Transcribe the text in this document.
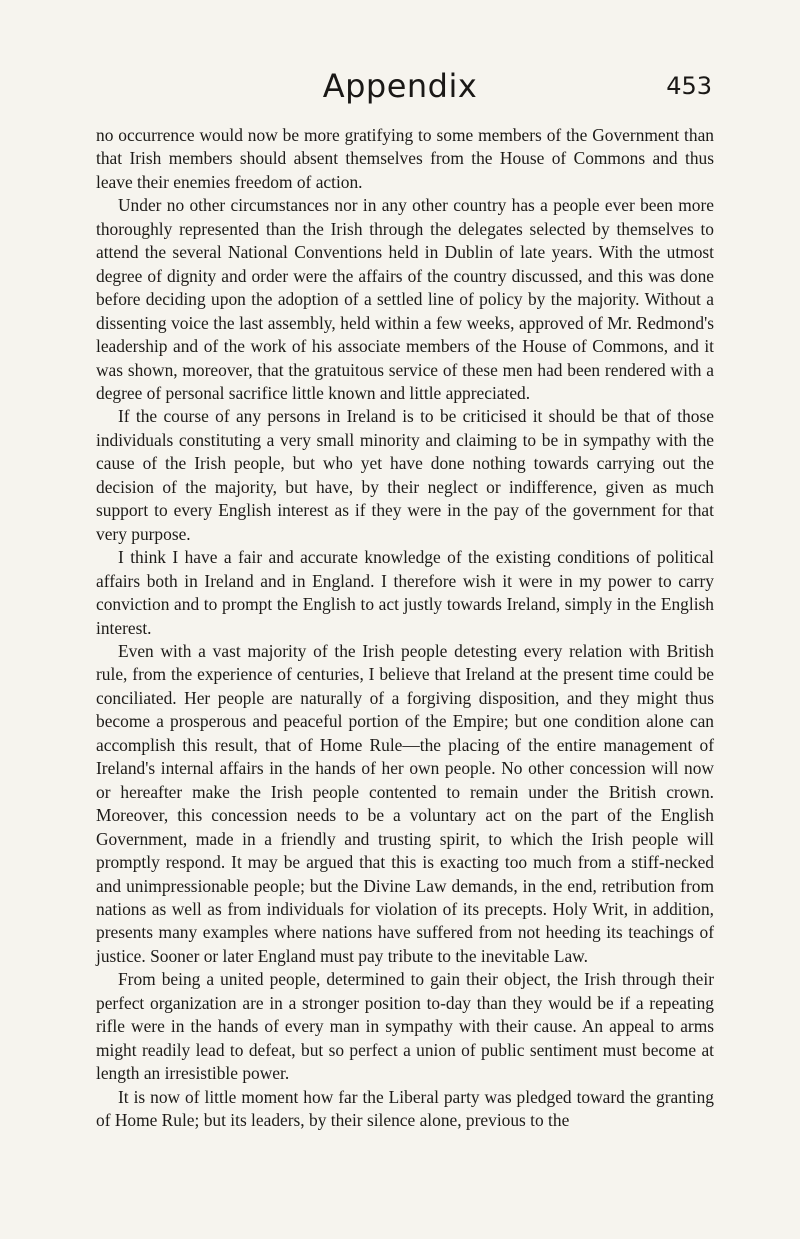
Appendix	453

no occurrence would now be more gratifying to some members of the Government than that Irish members should absent themselves from the House of Commons and thus leave their enemies freedom of action.

Under no other circumstances nor in any other country has a people ever been more thoroughly represented than the Irish through the delegates selected by themselves to attend the several National Conventions held in Dublin of late years. With the utmost degree of dignity and order were the affairs of the country discussed, and this was done before deciding upon the adoption of a settled line of policy by the majority. Without a dissenting voice the last assembly, held within a few weeks, approved of Mr. Redmond's leadership and of the work of his associate members of the House of Commons, and it was shown, moreover, that the gratuitous service of these men had been rendered with a degree of personal sacrifice little known and little appreciated.

If the course of any persons in Ireland is to be criticised it should be that of those individuals constituting a very small minority and claiming to be in sympathy with the cause of the Irish people, but who yet have done nothing towards carrying out the decision of the majority, but have, by their neglect or indifference, given as much support to every English interest as if they were in the pay of the government for that very purpose.

I think I have a fair and accurate knowledge of the existing conditions of political affairs both in Ireland and in England. I therefore wish it were in my power to carry conviction and to prompt the English to act justly towards Ireland, simply in the English interest.

Even with a vast majority of the Irish people detesting every relation with British rule, from the experience of centuries, I believe that Ireland at the present time could be conciliated. Her people are naturally of a forgiving disposition, and they might thus become a prosperous and peaceful portion of the Empire; but one condition alone can accomplish this result, that of Home Rule—the placing of the entire management of Ireland's internal affairs in the hands of her own people. No other concession will now or hereafter make the Irish people contented to remain under the British crown. Moreover, this concession needs to be a voluntary act on the part of the English Government, made in a friendly and trusting spirit, to which the Irish people will promptly respond. It may be argued that this is exacting too much from a stiff-necked and unimpressionable people; but the Divine Law demands, in the end, retribution from nations as well as from individuals for violation of its precepts. Holy Writ, in addition, presents many examples where nations have suffered from not heeding its teachings of justice. Sooner or later England must pay tribute to the inevitable Law.

From being a united people, determined to gain their object, the Irish through their perfect organization are in a stronger position to-day than they would be if a repeating rifle were in the hands of every man in sympathy with their cause. An appeal to arms might readily lead to defeat, but so perfect a union of public sentiment must become at length an irresistible power.

It is now of little moment how far the Liberal party was pledged toward the granting of Home Rule; but its leaders, by their silence alone, previous to the
